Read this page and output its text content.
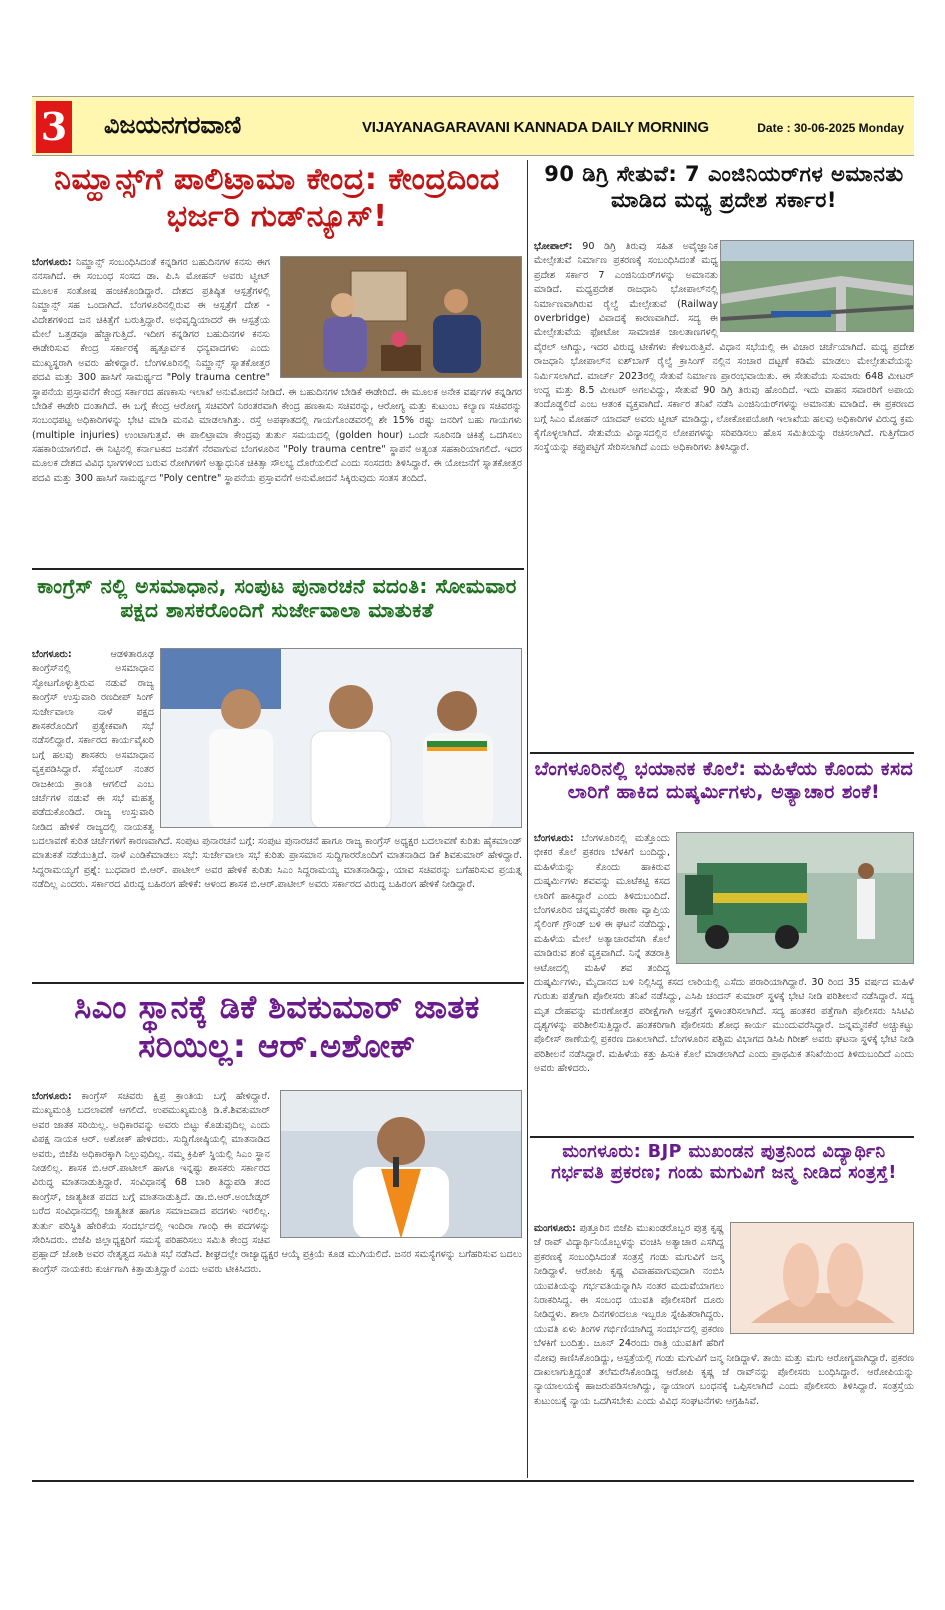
3 ವಿಜಯನಗರವಾಣಿ	VIJAYANAGARAVANI KANNADA DAILY MORNING	Date : 30-06-2025 Monday
ನಿಮ್ಹಾನ್ಸ್‌ಗೆ ಪಾಲಿಟ್ರಾಮಾ ಕೇಂದ್ರ: ಕೇಂದ್ರದಿಂದ ಭರ್ಜರಿ ಗುಡ್‌ನ್ಯೂಸ್!
ಬೆಂಗಳೂರು: ನಿಮ್ಹಾನ್ಸ್ ಸಂಬಂಧಿಸಿದಂತೆ ಕನ್ನಡಿಗರ ಬಹುದಿನಗಳ ಕನಸು ಈಗ ನನಸಾಗಿದೆ. ಈ ಸಂಬಂಧ ಸಂಸದ ಡಾ. ಪಿ.ಸಿ ಮೋಹನ್ ಅವರು ಟ್ವೀಟ್ ಮೂಲಕ ಸಂತೋಷ ಹಂಚಿಕೊಂಡಿದ್ದಾರೆ. ದೇಶದ ಪ್ರತಿಷ್ಠಿತ ಆಸ್ಪತ್ರೆಗಳಲ್ಲಿ ನಿಮ್ಹಾನ್ಸ್ ಸಹ ಒಂದಾಗಿದೆ. ಬೆಂಗಳೂರಿನಲ್ಲಿರುವ ಈ ಆಸ್ಪತ್ರೆಗೆ ದೇಶ - ವಿದೇಶಗಳಿಂದ ಜನ ಚಿಕಿತ್ಸೆಗೆ ಬರುತ್ತಿದ್ದಾರೆ. ಅಭಿವೃದ್ಧಿಯಾದರೆ ಈ ಆಸ್ಪತ್ರೆಯ ಮೇಲೆ ಒತ್ತಡವೂ ಹೆಚ್ಚಾಗುತ್ತಿದೆ. ಇದೀಗ ಕನ್ನಡಿಗರ ಬಹುದಿನಗಳ ಕನಸು ಈಡೇರಿಸುವ ಕೇಂದ್ರ ಸರ್ಕಾರಕ್ಕೆ ಹೃತ್ಪೂರ್ವಕ ಧನ್ಯವಾದಗಳು ಎಂದು ಮುಖ್ಯಸ್ಥರಾಗಿ ಅವರು ಹೇಳಿದ್ದಾರೆ. ಬೆಂಗಳೂರಿನಲ್ಲಿ ನಿಮ್ಹಾನ್ಸ್ ಸ್ನಾತಕೋತ್ತರ ಪದವಿ ಮತ್ತು 300 ಹಾಸಿಗೆ ಸಾಮರ್ಥ್ಯದ "Poly trauma centre" ಸ್ಥಾಪನೆಯ ಪ್ರಸ್ತಾವನೆಗೆ ಕೇಂದ್ರ ಸರ್ಕಾರದ ಹಣಕಾಸು ಇಲಾಖೆ ಅನುಮೋದನೆ ನೀಡಿದೆ. ಈ ಬಹುದಿನಗಳ ಬೇಡಿಕೆ ಈಡೇರಿದೆ. ಈ ಮೂಲಕ ಅನೇಕ ವರ್ಷಗಳ ಕನ್ನಡಿಗರ ಬೇಡಿಕೆ ಈಡೇರಿ ದಂತಾಗಿದೆ. ಈ ಬಗ್ಗೆ ಕೇಂದ್ರ ಆರೋಗ್ಯ ಸಚಿವರಿಗೆ ನಿರಂತರವಾಗಿ ಕೇಂದ್ರ ಹಣಕಾಸು ಸಚಿವರನ್ನು, ಆರೋಗ್ಯ ಮತ್ತು ಕುಟುಂಬ ಕಲ್ಯಾಣ ಸಚಿವರನ್ನು ಸಂಬಂಧಪಟ್ಟ ಅಧಿಕಾರಿಗಳನ್ನು ಭೇಟಿ ಮಾಡಿ ಮನವಿ ಮಾಡಲಾಗಿತ್ತು. ರಸ್ತೆ ಅಪಘಾತದಲ್ಲಿ ಗಾಯಗೊಂಡವರಲ್ಲಿ ಶೇ 15% ರಷ್ಟು ಜನರಿಗೆ ಬಹು ಗಾಯಗಳು (multiple injuries) ಉಂಟಾಗುತ್ತವೆ. ಈ ಪಾಲಿಟ್ರಾಮಾ ಕೇಂದ್ರವು ತುರ್ತು ಸಮಯದಲ್ಲಿ (golden hour) ಒಂದೇ ಸೂರಿನಡಿ ಚಿಕಿತ್ಸೆ ಒದಗಿಸಲು ಸಹಕಾರಿಯಾಗಲಿದೆ. ಈ ನಿಟ್ಟಿನಲ್ಲಿ ಕರ್ನಾಟಕದ ಜನತೆಗೆ ನೆರವಾಗುವ ಬೆಂಗಳೂರಿನ "Poly trauma centre" ಸ್ಥಾಪನೆ ಅತ್ಯಂತ ಸಹಕಾರಿಯಾಗಲಿದೆ. ಇದರ ಮೂಲಕ ದೇಶದ ವಿವಿಧ ಭಾಗಗಳಿಂದ ಬರುವ ರೋಗಿಗಳಿಗೆ ಅತ್ಯಾಧುನಿಕ ಚಿಕಿತ್ಸಾ ಸೌಲಭ್ಯ ದೊರೆಯಲಿದೆ ಎಂದು ಸಂಸದರು ತಿಳಿಸಿದ್ದಾರೆ. ಈ ಯೋಜನೆಗೆ ಸ್ನಾತಕೋತ್ತರ ಪದವಿ ಮತ್ತು 300 ಹಾಸಿಗೆ ಸಾಮರ್ಥ್ಯದ "Poly centre" ಸ್ಥಾಪನೆಯ ಪ್ರಸ್ತಾವನೆಗೆ ಅನುಮೋದನೆ ಸಿಕ್ಕಿರುವುದು ಸಂತಸ ತಂದಿದೆ.
ಕಾಂಗ್ರೆಸ್ ನಲ್ಲಿ ಅಸಮಾಧಾನ, ಸಂಪುಟ ಪುನಾರಚನೆ ವದಂತಿ: ಸೋಮವಾರ ಪಕ್ಷದ ಶಾಸಕರೊಂದಿಗೆ ಸುರ್ಜೇವಾಲಾ ಮಾತುಕತೆ
ಬೆಂಗಳೂರು:	ಆಡಳಿತಾರೂಢ ಕಾಂಗ್ರೆಸ್‌ನಲ್ಲಿ ಅಸಮಾಧಾನ ಸ್ಫೋಟಗೊಳ್ಳುತ್ತಿರುವ ನಡುವೆ ರಾಜ್ಯ ಕಾಂಗ್ರೆಸ್ ಉಸ್ತುವಾರಿ ರಣದೀಪ್ ಸಿಂಗ್ ಸುರ್ಜೇವಾಲಾ ನಾಳೆ ಪಕ್ಷದ ಶಾಸಕರೊಂದಿಗೆ ಪ್ರತ್ಯೇಕವಾಗಿ ಸಭೆ ನಡೆಸಲಿದ್ದಾರೆ. ಸರ್ಕಾರದ ಕಾರ್ಯವೈಖರಿ ಬಗ್ಗೆ ಹಲವು ಶಾಸಕರು ಅಸಮಾಧಾನ ವ್ಯಕ್ತಪಡಿಸಿದ್ದಾರೆ. ಸೆಪ್ಟೆಂಬರ್ ನಂತರ ರಾಜಕೀಯ ಕ್ರಾಂತಿ ಆಗಲಿದೆ ಎಂಬ ಚರ್ಚೆಗಳ ನಡುವೆ ಈ ಸಭೆ ಮಹತ್ವ ಪಡೆದುಕೊಂಡಿದೆ. ರಾಜ್ಯ ಉಸ್ತುವಾರಿ ನೀಡಿದ ಹೇಳಿಕೆ ರಾಜ್ಯದಲ್ಲಿ ನಾಯಕತ್ವ ಬದಲಾವಣೆ ಕುರಿತ ಚರ್ಚೆಗಳಿಗೆ ಕಾರಣವಾಗಿದೆ. ಸಂಪುಟ ಪುನಾರಚನೆ ಬಗ್ಗೆ: ಸಂಪುಟ ಪುನಾರಚನೆ ಹಾಗೂ ರಾಜ್ಯ ಕಾಂಗ್ರೆಸ್ ಅಧ್ಯಕ್ಷರ ಬದಲಾವಣೆ ಕುರಿತು ಹೈಕಮಾಂಡ್ ಮಾತುಕತೆ ನಡೆಯುತ್ತಿದೆ. ನಾಳೆ ಎಂಡಿಕೆಮಾಡಲು ಸಭೆ: ಸುರ್ಜೇವಾಲಾ ಸಭೆ ಕುರಿತು ಪ್ರಾಸಮಾನ ಸುದ್ದಿಗಾರರೊಂದಿಗೆ ಮಾತನಾಡಿದ ಡಿಕೆ ಶಿವಕುಮಾರ್ ಹೇಳಿದ್ದಾರೆ. ಸಿದ್ದರಾಮಯ್ಯಗೆ ಪ್ರಶ್ನೆ: ಬುಧವಾರ ಬಿ.ಆರ್. ಪಾಟೀಲ್ ಅವರ ಹೇಳಿಕೆ ಕುರಿತು ಸಿಎಂ ಸಿದ್ದರಾಮಯ್ಯ ಮಾತನಾಡಿದ್ದು, ಯಾವ ಸಚಿವರನ್ನು ಬಗೆಹರಿಸುವ ಪ್ರಯತ್ನ ನಡೆದಿಲ್ಲ ಎಂದರು. ಸರ್ಕಾರದ ವಿರುದ್ಧ ಬಹಿರಂಗ ಹೇಳಿಕೆ: ಆಳಂದ ಶಾಸಕ ಬಿ.ಆರ್.ಪಾಟೀಲ್ ಅವರು ಸರ್ಕಾರದ ವಿರುದ್ಧ ಬಹಿರಂಗ ಹೇಳಿಕೆ ನೀಡಿದ್ದಾರೆ.
ಸಿಎಂ ಸ್ಥಾನಕ್ಕೆ ಡಿಕೆ ಶಿವಕುಮಾರ್ ಜಾತಕ ಸರಿಯಿಲ್ಲ: ಆರ್.ಅಶೋಕ್
ಬೆಂಗಳೂರು: ಕಾಂಗ್ರೆಸ್ ಸಚಿವರು ಕ್ಷಿಪ್ರ ಕ್ರಾಂತಿಯ ಬಗ್ಗೆ ಹೇಳಿದ್ದಾರೆ. ಮುಖ್ಯಮಂತ್ರಿ ಬದಲಾವಣೆ ಆಗಲಿದೆ. ಉಪಮುಖ್ಯಮಂತ್ರಿ ಡಿ.ಕೆ.ಶಿವಕುಮಾರ್ ಅವರ ಜಾತಕ ಸರಿಯಿಲ್ಲ. ಅಧಿಕಾರವನ್ನು ಅವರು ಬಿಟ್ಟು ಕೊಡುವುದಿಲ್ಲ ಎಂದು ವಿಪಕ್ಷ ನಾಯಕ ಆರ್. ಅಶೋಕ್ ಹೇಳಿದರು. ಸುದ್ದಿಗೋಷ್ಠಿಯಲ್ಲಿ ಮಾತನಾಡಿದ ಅವರು, ಬಿಜೆಪಿ ಅಧಿಕಾರಕ್ಕಾಗಿ ನಿಲ್ಲುವುದಿಲ್ಲ. ನಮ್ಮ ಕ್ರಿಪಿಕ್ ಸ್ಥಿಯಲ್ಲಿ ಸಿಎಂ ಸ್ಥಾನ ನೀಡಲಿಲ್ಲ. ಶಾಸಕ ಬಿ.ಆರ್.ಪಾಟೀಲ್ ಹಾಗೂ ಇನ್ನಷ್ಟು ಶಾಸಕರು ಸರ್ಕಾರದ ವಿರುದ್ಧ ಮಾತನಾಡುತ್ತಿದ್ದಾರೆ. ಸಂವಿಧಾನಕ್ಕೆ 68 ಬಾರಿ ತಿದ್ದುಪಡಿ ತಂದ ಕಾಂಗ್ರೆಸ್, ಜಾತ್ಯತೀತ ಪದದ ಬಗ್ಗೆ ಮಾತನಾಡುತ್ತಿದೆ. ಡಾ.ಬಿ.ಆರ್.ಅಂಬೇಡ್ಕರ್ ಬರೆದ ಸಂವಿಧಾನದಲ್ಲಿ ಜಾತ್ಯತೀತ ಹಾಗೂ ಸಮಾಜವಾದ ಪದಗಳು ಇರಲಿಲ್ಲ. ತುರ್ತು ಪರಿಸ್ಥಿತಿ ಹೇರಿಕೆಯ ಸಂದರ್ಭದಲ್ಲಿ ಇಂದಿರಾ ಗಾಂಧಿ ಈ ಪದಗಳನ್ನು ಸೇರಿಸಿದರು. ಬಿಜೆಪಿ ಜಿಲ್ಲಾಧ್ಯಕ್ಷರಿಗೆ ಸಮಸ್ಯೆ ಪರಿಹರಿಸಲು ಸಮಿತಿ ಕೇಂದ್ರ ಸಚಿವ ಪ್ರಹ್ಲಾದ್ ಜೋಶಿ ಅವರ ನೇತೃತ್ವದ ಸಮಿತಿ ಸಭೆ ನಡೆಸಿದೆ. ಶೀಘ್ರದಲ್ಲೇ ರಾಜ್ಯಾಧ್ಯಕ್ಷರ ಆಯ್ಕೆ ಪ್ರಕ್ರಿಯೆ ಕೂಡ ಮುಗಿಯಲಿದೆ. ಜನರ ಸಮಸ್ಯೆಗಳನ್ನು ಬಗೆಹರಿಸುವ ಬದಲು ಕಾಂಗ್ರೆಸ್ ನಾಯಕರು ಕುರ್ಚಿಗಾಗಿ ಕಿತ್ತಾಡುತ್ತಿದ್ದಾರೆ ಎಂದು ಅವರು ಟೀಕಿಸಿದರು.
90 ಡಿಗ್ರಿ ಸೇತುವೆ: 7 ಎಂಜಿನಿಯರ್‌ಗಳ ಅಮಾನತು ಮಾಡಿದ ಮಧ್ಯ ಪ್ರದೇಶ ಸರ್ಕಾರ!
ಭೋಪಾಲ್: 90 ಡಿಗ್ರಿ ತಿರುವು ಸಹಿತ ಅವೈಜ್ಞಾನಿಕ ಮೇಲ್ಸೇತುವೆ ನಿರ್ಮಾಣ ಪ್ರಕರಣಕ್ಕೆ ಸಂಬಂಧಿಸಿದಂತೆ ಮಧ್ಯ ಪ್ರದೇಶ ಸರ್ಕಾರ 7 ಎಂಜಿನಿಯರ್‌ಗಳನ್ನು ಅಮಾನತು ಮಾಡಿದೆ. ಮಧ್ಯಪ್ರದೇಶ ರಾಜಧಾನಿ ಭೋಪಾಲ್‌ನಲ್ಲಿ ನಿರ್ಮಾಣವಾಗಿರುವ ರೈಲ್ವೆ ಮೇಲ್ಸೇತುವೆ (Railway overbridge) ವಿವಾದಕ್ಕೆ ಕಾರಣವಾಗಿದೆ. ಸದ್ಯ ಈ ಮೇಲ್ಸೇತುವೆಯ ಫೋಟೋ ಸಾಮಾಜಿಕ ಜಾಲತಾಣಗಳಲ್ಲಿ ವೈರಲ್ ಆಗಿದ್ದು, ಇದರ ವಿರುದ್ಧ ಟೀಕೆಗಳು ಕೇಳಿಬರುತ್ತಿವೆ. ವಿಧಾನ ಸಭೆಯಲ್ಲಿ ಈ ವಿಚಾರ ಚರ್ಚೆಯಾಗಿದೆ. ಮಧ್ಯ ಪ್ರದೇಶ ರಾಜಧಾನಿ ಭೋಪಾಲ್‌ನ ಐಶ್‌ಬಾಗ್ ರೈಲ್ವೆ ಕ್ರಾಸಿಂಗ್ ನಲ್ಲಿನ ಸಂಚಾರ ದಟ್ಟಣೆ ಕಡಿಮೆ ಮಾಡಲು ಮೇಲ್ಸೇತುವೆಯನ್ನು ನಿರ್ಮಿಸಲಾಗಿದೆ. ಮಾರ್ಚ್ 2023ರಲ್ಲಿ ಸೇತುವೆ ನಿರ್ಮಾಣ ಪ್ರಾರಂಭವಾಯಿತು. ಈ ಸೇತುವೆಯ ಸುಮಾರು 648 ಮೀಟರ್ ಉದ್ದ ಮತ್ತು 8.5 ಮೀಟರ್ ಅಗಲವಿದ್ದು, ಸೇತುವೆ 90 ಡಿಗ್ರಿ ತಿರುವು ಹೊಂದಿದೆ. ಇದು ವಾಹನ ಸವಾರರಿಗೆ ಅಪಾಯ ತಂದೊಡ್ಡಲಿದೆ ಎಂಬ ಆತಂಕ ವ್ಯಕ್ತವಾಗಿದೆ. ಸರ್ಕಾರ ತನಿಖೆ ನಡೆಸಿ ಎಂಜಿನಿಯರ್‌ಗಳನ್ನು ಅಮಾನತು ಮಾಡಿದೆ. ಈ ಪ್ರಕರಣದ ಬಗ್ಗೆ ಸಿಎಂ ಮೋಹನ್ ಯಾದವ್ ಅವರು ಟ್ವೀಟ್ ಮಾಡಿದ್ದು, ಲೋಕೋಪಯೋಗಿ ಇಲಾಖೆಯ ಹಲವು ಅಧಿಕಾರಿಗಳ ವಿರುದ್ಧ ಕ್ರಮ ಕೈಗೊಳ್ಳಲಾಗಿದೆ. ಸೇತುವೆಯ ವಿನ್ಯಾಸದಲ್ಲಿನ ಲೋಪಗಳನ್ನು ಸರಿಪಡಿಸಲು ಹೊಸ ಸಮಿತಿಯನ್ನು ರಚಿಸಲಾಗಿದೆ. ಗುತ್ತಿಗೆದಾರ ಸಂಸ್ಥೆಯನ್ನು ಕಪ್ಪುಪಟ್ಟಿಗೆ ಸೇರಿಸಲಾಗಿದೆ ಎಂದು ಅಧಿಕಾರಿಗಳು ತಿಳಿಸಿದ್ದಾರೆ.
ಬೆಂಗಳೂರಿನಲ್ಲಿ ಭಯಾನಕ ಕೊಲೆ: ಮಹಿಳೆಯ ಕೊಂದು ಕಸದ ಲಾರಿಗೆ ಹಾಕಿದ ದುಷ್ಕರ್ಮಿಗಳು, ಅತ್ಯಾಚಾರ ಶಂಕೆ!
ಬೆಂಗಳೂರು: ಬೆಂಗಳೂರಿನಲ್ಲಿ ಮತ್ತೊಂದು ಭೀಕರ ಕೊಲೆ ಪ್ರಕರಣ ಬೆಳಕಿಗೆ ಬಂದಿದ್ದು, ಮಹಿಳೆಯನ್ನು ಕೊಂದು ಹಾಕಿರುವ ದುಷ್ಕರ್ಮಿಗಳು ಶವವನ್ನು ಮೂಟೆಕಟ್ಟಿ ಕಸದ ಲಾರಿಗೆ ಹಾಕಿದ್ದಾರೆ ಎಂದು ತಿಳಿದುಬಂದಿದೆ. ಬೆಂಗಳೂರಿನ ಚನ್ನಮ್ಮನಕೆರೆ ಠಾಣಾ ವ್ಯಾಪ್ತಿಯ ಸೈಲಿಂಗ್ ಗ್ರೌಂಡ್ ಬಳಿ ಈ ಘಟನೆ ನಡೆದಿದ್ದು, ಮಹಿಳೆಯ ಮೇಲೆ ಅತ್ಯಾಚಾರವೆಸಗಿ ಕೊಲೆ ಮಾಡಿರುವ ಶಂಕೆ ವ್ಯಕ್ತವಾಗಿದೆ. ನಿನ್ನೆ ತಡರಾತ್ರಿ ಆಟೋದಲ್ಲಿ ಮಹಿಳೆ ಶವ ತಂದಿದ್ದ ದುಷ್ಕರ್ಮಿಗಳು, ಮೈದಾನದ ಬಳಿ ನಿಲ್ಲಿಸಿದ್ದ ಕಸದ ಲಾರಿಯಲ್ಲಿ ಎಸೆದು ಪರಾರಿಯಾಗಿದ್ದಾರೆ. 30 ರಿಂದ 35 ವರ್ಷದ ಮಹಿಳೆ ಗುರುತು ಪತ್ತೆಗಾಗಿ ಪೊಲೀಸರು ತನಿಖೆ ನಡೆಸಿದ್ದು, ಎಸಿಪಿ ಚಂದನ್ ಕುಮಾರ್ ಸ್ಥಳಕ್ಕೆ ಭೇಟಿ ನೀಡಿ ಪರಿಶೀಲನೆ ನಡೆಸಿದ್ದಾರೆ. ಸದ್ಯ ಮೃತ ದೇಹವನ್ನು ಮರಣೋತ್ತರ ಪರೀಕ್ಷೆಗಾಗಿ ಆಸ್ಪತ್ರೆಗೆ ಸ್ಥಳಾಂತರಿಸಲಾಗಿದೆ. ಸದ್ಯ ಹಂತಕರ ಪತ್ತೆಗಾಗಿ ಪೊಲೀಸರು ಸಿಸಿಟಿವಿ ದೃಶ್ಯಗಳನ್ನು ಪರಿಶೀಲಿಸುತ್ತಿದ್ದಾರೆ. ಹಂತಕರಿಗಾಗಿ ಪೊಲೀಸರು ಶೋಧ ಕಾರ್ಯ ಮುಂದುವರೆಸಿದ್ದಾರೆ. ಜನ್ನಮ್ಮನಕೆರೆ ಅಚ್ಚುಕಟ್ಟು ಪೊಲೀಸ್ ಠಾಣೆಯಲ್ಲಿ ಪ್ರಕರಣ ದಾಖಲಾಗಿದೆ. ಬೆಂಗಳೂರಿನ ಪಶ್ಚಿಮ ವಿಭಾಗದ ಡಿಸಿಪಿ ಗಿರೀಶ್ ಅವರು ಘಟನಾ ಸ್ಥಳಕ್ಕೆ ಭೇಟಿ ನೀಡಿ ಪರಿಶೀಲನೆ ನಡೆಸಿದ್ದಾರೆ. ಮಹಿಳೆಯ ಕತ್ತು ಹಿಸುಕಿ ಕೊಲೆ ಮಾಡಲಾಗಿದೆ ಎಂದು ಪ್ರಾಥಮಿಕ ತನಿಖೆಯಿಂದ ತಿಳಿದುಬಂದಿದೆ ಎಂದು ಅವರು ಹೇಳಿದರು.
ಮಂಗಳೂರು: BJP ಮುಖಂಡನ ಪುತ್ರನಿಂದ ವಿದ್ಯಾರ್ಥಿನಿ ಗರ್ಭವತಿ ಪ್ರಕರಣ; ಗಂಡು ಮಗುವಿಗೆ ಜನ್ಮ ನೀಡಿದ ಸಂತ್ರಸ್ತೆ!
ಮಂಗಳೂರು: ಪುತ್ತೂರಿನ ಬಿಜೆಪಿ ಮುಖಂಡರೊಬ್ಬರ ಪುತ್ರ ಕೃಷ್ಣ ಜೆ ರಾವ್ ವಿದ್ಯಾರ್ಥಿನಿಯೊಬ್ಬಳನ್ನು ವಂಚಿಸಿ ಅತ್ಯಾಚಾರ ಎಸಗಿದ್ದ ಪ್ರಕರಣಕ್ಕೆ ಸಂಬಂಧಿಸಿದಂತೆ ಸಂತ್ರಸ್ತೆ ಗಂಡು ಮಗುವಿಗೆ ಜನ್ಮ ನೀಡಿದ್ದಾಳೆ. ಆರೋಪಿ ಕೃಷ್ಣ ವಿವಾಹವಾಗುವುದಾಗಿ ನಂಬಿಸಿ ಯುವತಿಯನ್ನು ಗರ್ಭವತಿಯನ್ನಾಗಿಸಿ ನಂತರ ಮದುವೆಯಾಗಲು ನಿರಾಕರಿಸಿದ್ದ. ಈ ಸಂಬಂಧ ಯುವತಿ ಪೊಲೀಸರಿಗೆ ದೂರು ನೀಡಿದ್ದಳು. ಶಾಲಾ ದಿನಗಳಿಂದಲೂ ಇಬ್ಬರೂ ಸ್ನೇಹಿತರಾಗಿದ್ದರು. ಯುವತಿ ಏಳು ತಿಂಗಳ ಗರ್ಭಿಣಿಯಾಗಿದ್ದ ಸಂದರ್ಭದಲ್ಲಿ ಪ್ರಕರಣ ಬೆಳಕಿಗೆ ಬಂದಿತ್ತು. ಜೂನ್ 24ರಂದು ರಾತ್ರಿ ಯುವತಿಗೆ ಹೆರಿಗೆ ನೋವು ಕಾಣಿಸಿಕೊಂಡಿದ್ದು, ಆಸ್ಪತ್ರೆಯಲ್ಲಿ ಗಂಡು ಮಗುವಿಗೆ ಜನ್ಮ ನೀಡಿದ್ದಾಳೆ. ತಾಯಿ ಮತ್ತು ಮಗು ಆರೋಗ್ಯವಾಗಿದ್ದಾರೆ. ಪ್ರಕರಣ ದಾಖಲಾಗುತ್ತಿದ್ದಂತೆ ತಲೆಮರೆಸಿಕೊಂಡಿದ್ದ ಆರೋಪಿ ಕೃಷ್ಣ ಜೆ ರಾವ್‌ನನ್ನು ಪೊಲೀಸರು ಬಂಧಿಸಿದ್ದಾರೆ. ಆರೋಪಿಯನ್ನು ನ್ಯಾಯಾಲಯಕ್ಕೆ ಹಾಜರುಪಡಿಸಲಾಗಿದ್ದು, ನ್ಯಾಯಾಂಗ ಬಂಧನಕ್ಕೆ ಒಪ್ಪಿಸಲಾಗಿದೆ ಎಂದು ಪೊಲೀಸರು ತಿಳಿಸಿದ್ದಾರೆ. ಸಂತ್ರಸ್ತೆಯ ಕುಟುಂಬಕ್ಕೆ ನ್ಯಾಯ ಒದಗಿಸಬೇಕು ಎಂದು ವಿವಿಧ ಸಂಘಟನೆಗಳು ಆಗ್ರಹಿಸಿವೆ.
